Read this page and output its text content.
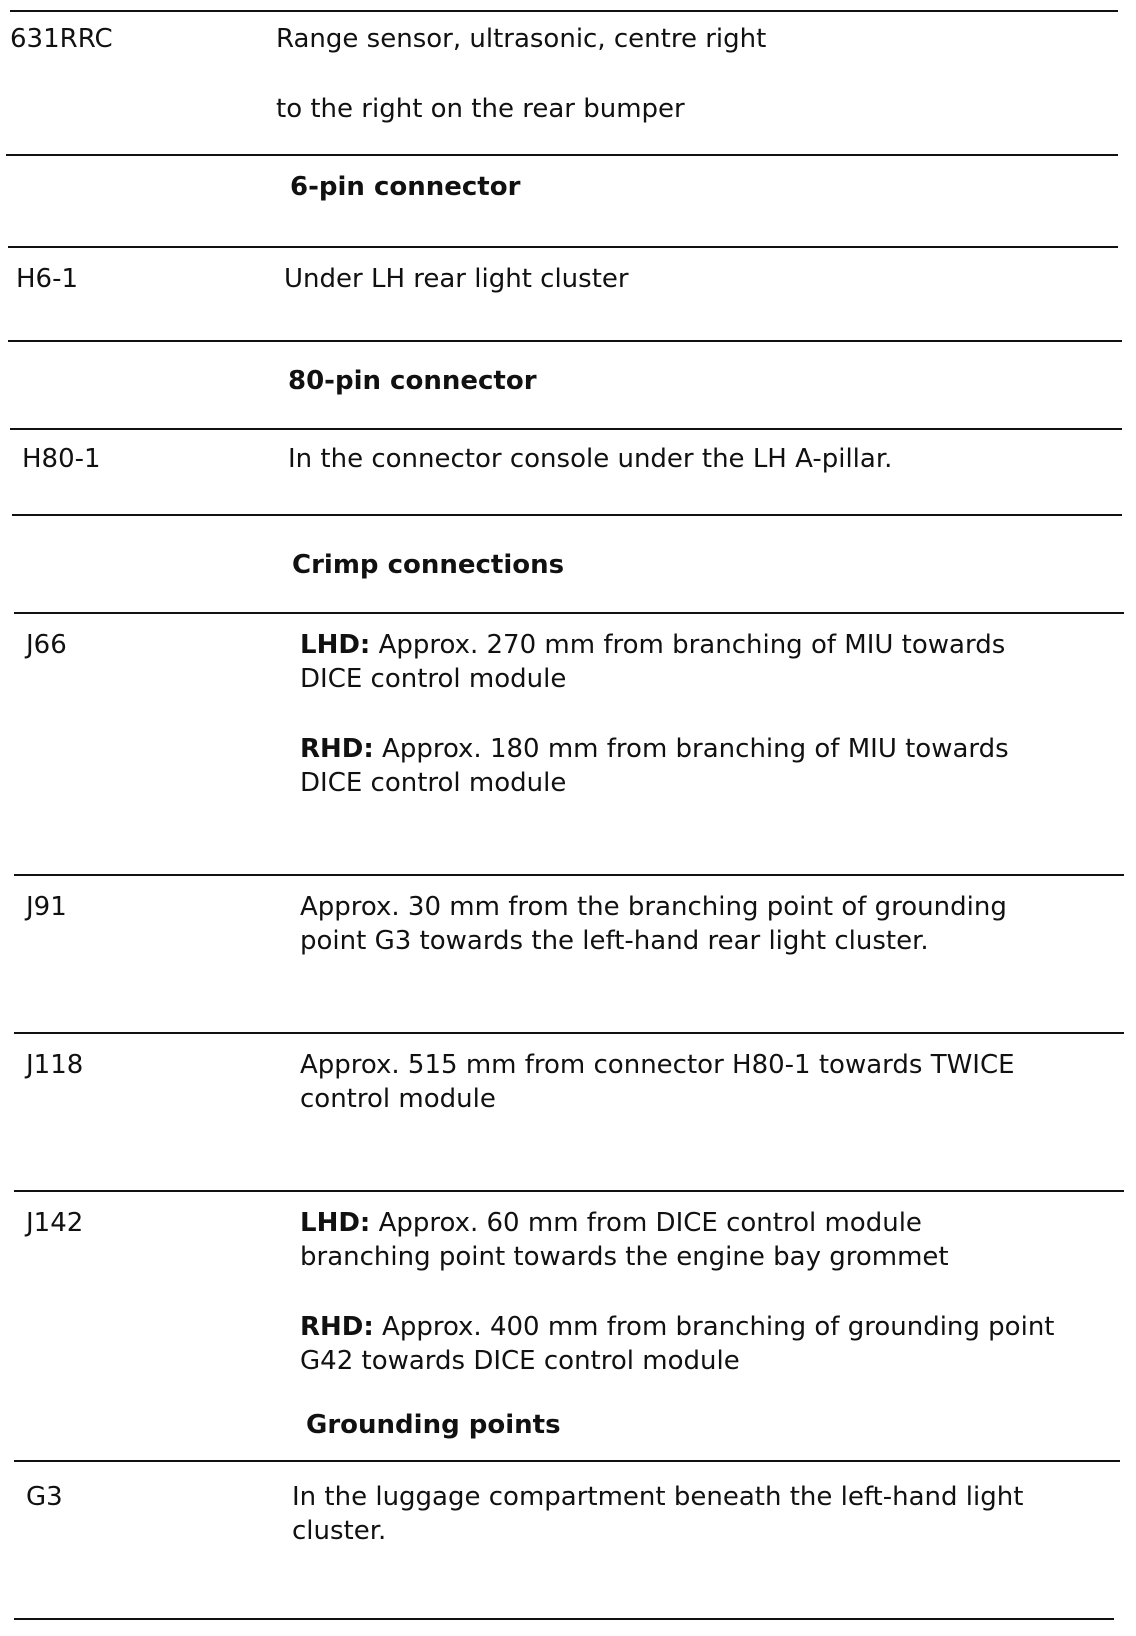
631RRC	Range sensor, ultrasonic, centre right
to the right on the rear bumper
6-pin connector
H6-1	Under LH rear light cluster
80-pin connector
H80-1	In the connector console under the LH A-pillar.
Crimp connections
J66	LHD: Approx. 270 mm from branching of MIU towards
DICE control module
RHD: Approx. 180 mm from branching of MIU towards
DICE control module
J91	Approx. 30 mm from the branching point of grounding
point G3 towards the left-hand rear light cluster.
J118	Approx. 515 mm from connector H80-1 towards TWICE
control module
J142	LHD: Approx. 60 mm from DICE control module
branching point towards the engine bay grommet
RHD: Approx. 400 mm from branching of grounding point
G42 towards DICE control module
Grounding points
G3	In the luggage compartment beneath the left-hand light
cluster.
